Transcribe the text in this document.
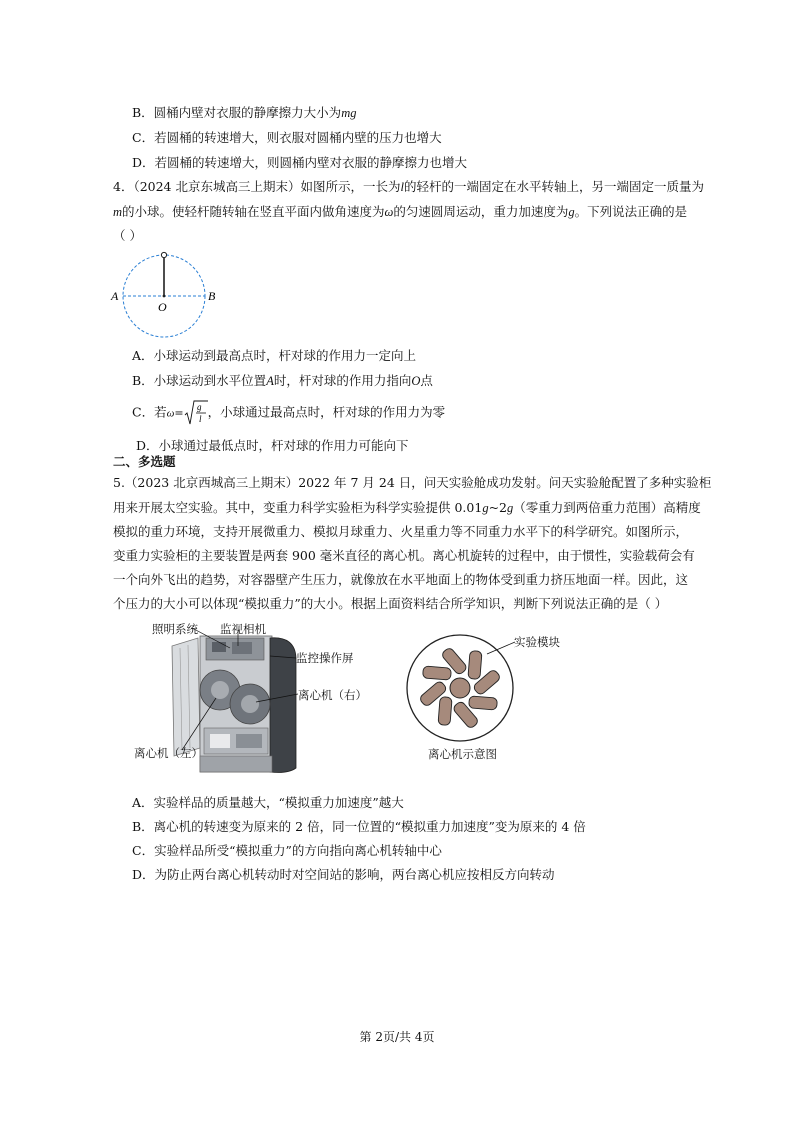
B．圆桶内壁对衣服的静摩擦力大小为mg
C．若圆桶的转速增大，则衣服对圆桶内壁的压力也增大
D．若圆桶的转速增大，则圆桶内壁对衣服的静摩擦力也增大
4．（2024 北京东城高三上期末）如图所示，一长为l的轻杆的一端固定在水平转轴上，另一端固定一质量为
m的小球。使轻杆随转轴在竖直平面内做角速度为ω的匀速圆周运动，重力加速度为g。下列说法正确的是
（ ）
A	B
O
A．小球运动到最高点时，杆对球的作用力一定向上
B．小球运动到水平位置A时，杆对球的作用力指向O点
C．若ω= g
l ，小球通过最高点时，杆对球的作用力为零
D．小球通过最低点时，杆对球的作用力可能向下
二、多选题
5.（2023 北京西城高三上期末）2022 年 7 月 24 日，问天实验舱成功发射。问天实验舱配置了多种实验柜
用来开展太空实验。其中，变重力科学实验柜为科学实验提供 0.01g~2g（零重力到两倍重力范围）高精度
模拟的重力环境，支持开展微重力、模拟月球重力、火星重力等不同重力水平下的科学研究。如图所示，
变重力实验柜的主要装置是两套 900 毫米直径的离心机。离心机旋转的过程中，由于惯性，实验载荷会有
一个向外飞出的趋势，对容器壁产生压力，就像放在水平地面上的物体受到重力挤压地面一样。因此，这
个压力的大小可以体现“模拟重力”的大小。根据上面资料结合所学知识，判断下列说法正确的是（ ）
照明系统 监视相机
监控操作屏
离心机（右）
离心机（左）
实验模块
离心机示意图
A．实验样品的质量越大，“模拟重力加速度”越大
B．离心机的转速变为原来的 2 倍，同一位置的“模拟重力加速度”变为原来的 4 倍
C．实验样品所受“模拟重力”的方向指向离心机转轴中心
D．为防止两台离心机转动时对空间站的影响，两台离心机应按相反方向转动
第 2页/共 4页
